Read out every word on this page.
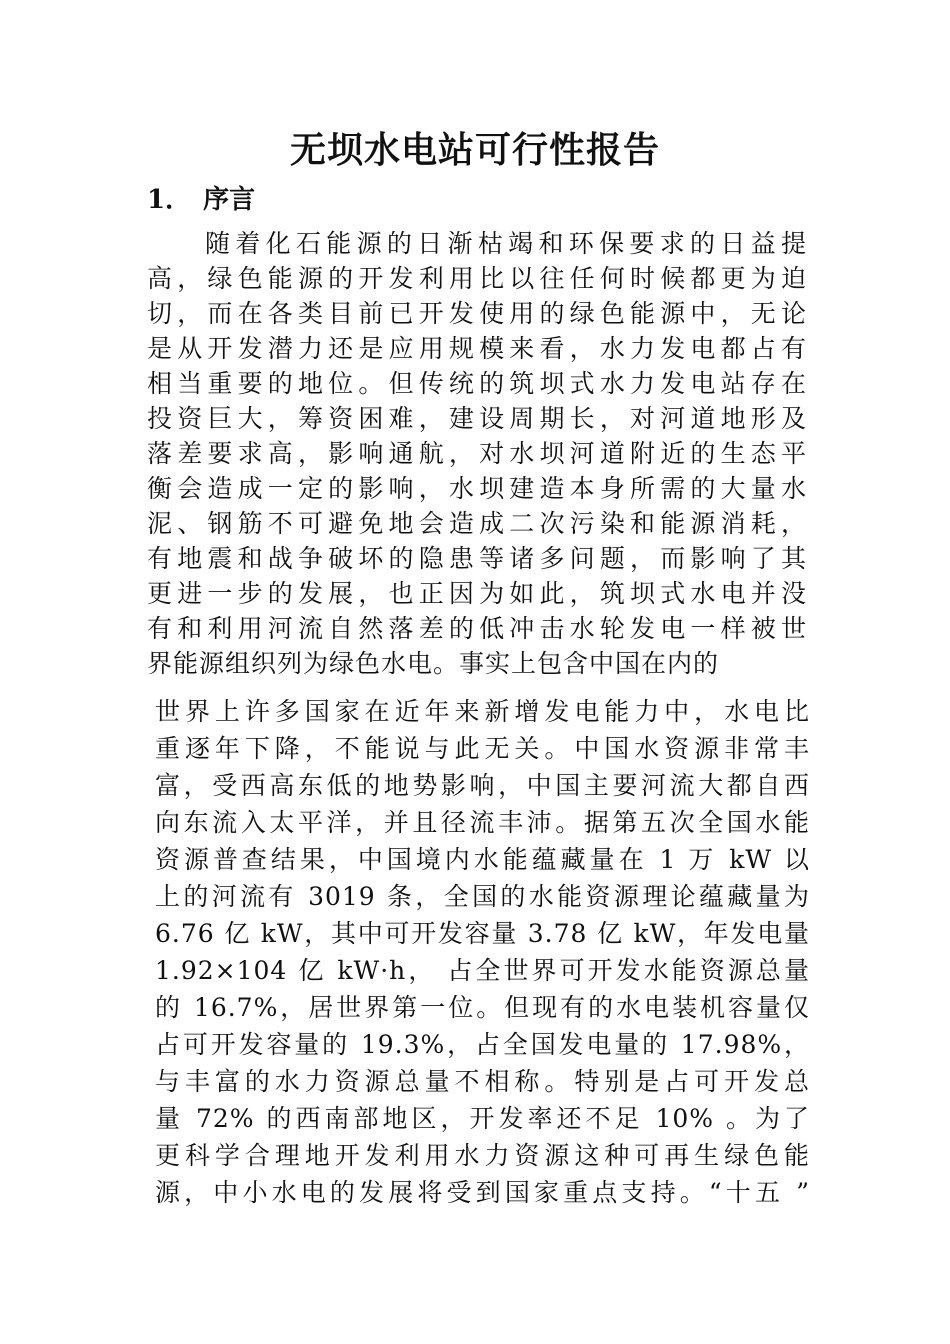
无坝水电站可行性报告
1． 序言
随着化石能源的日渐枯竭和环保要求的日益提
高，绿色能源的开发利用比以往任何时候都更为迫
切，而在各类目前已开发使用的绿色能源中，无论
是从开发潜力还是应用规模来看，水力发电都占有
相当重要的地位。但传统的筑坝式水力发电站存在
投资巨大，筹资困难，建设周期长，对河道地形及
落差要求高，影响通航，对水坝河道附近的生态平
衡会造成一定的影响，水坝建造本身所需的大量水
泥、钢筋不可避免地会造成二次污染和能源消耗，
有地震和战争破坏的隐患等诸多问题，而影响了其
更进一步的发展，也正因为如此，筑坝式水电并没
有和利用河流自然落差的低冲击水轮发电一样被世
界能源组织列为绿色水电。事实上包含中国在内的
世界上许多国家在近年来新增发电能力中，水电比
重逐年下降，不能说与此无关。中国水资源非常丰
富，受西高东低的地势影响，中国主要河流大都自西
向东流入太平洋，并且径流丰沛。据第五次全国水能
资源普查结果，中国境内水能蕴藏量在 1 万 kW 以
上的河流有 3019 条，全国的水能资源理论蕴藏量为
6.76 亿 kW，其中可开发容量 3.78 亿 kW，年发电量
1.92×104 亿 kW·h， 占全世界可开发水能资源总量
的 16.7%，居世界第一位。但现有的水电装机容量仅
占可开发容量的 19.3%，占全国发电量的 17.98%，
与丰富的水力资源总量不相称。特别是占可开发总
量 72% 的西南部地区，开发率还不足 10% 。为了
更科学合理地开发利用水力资源这种可再生绿色能
源，中小水电的发展将受到国家重点支持。“十五 ”
